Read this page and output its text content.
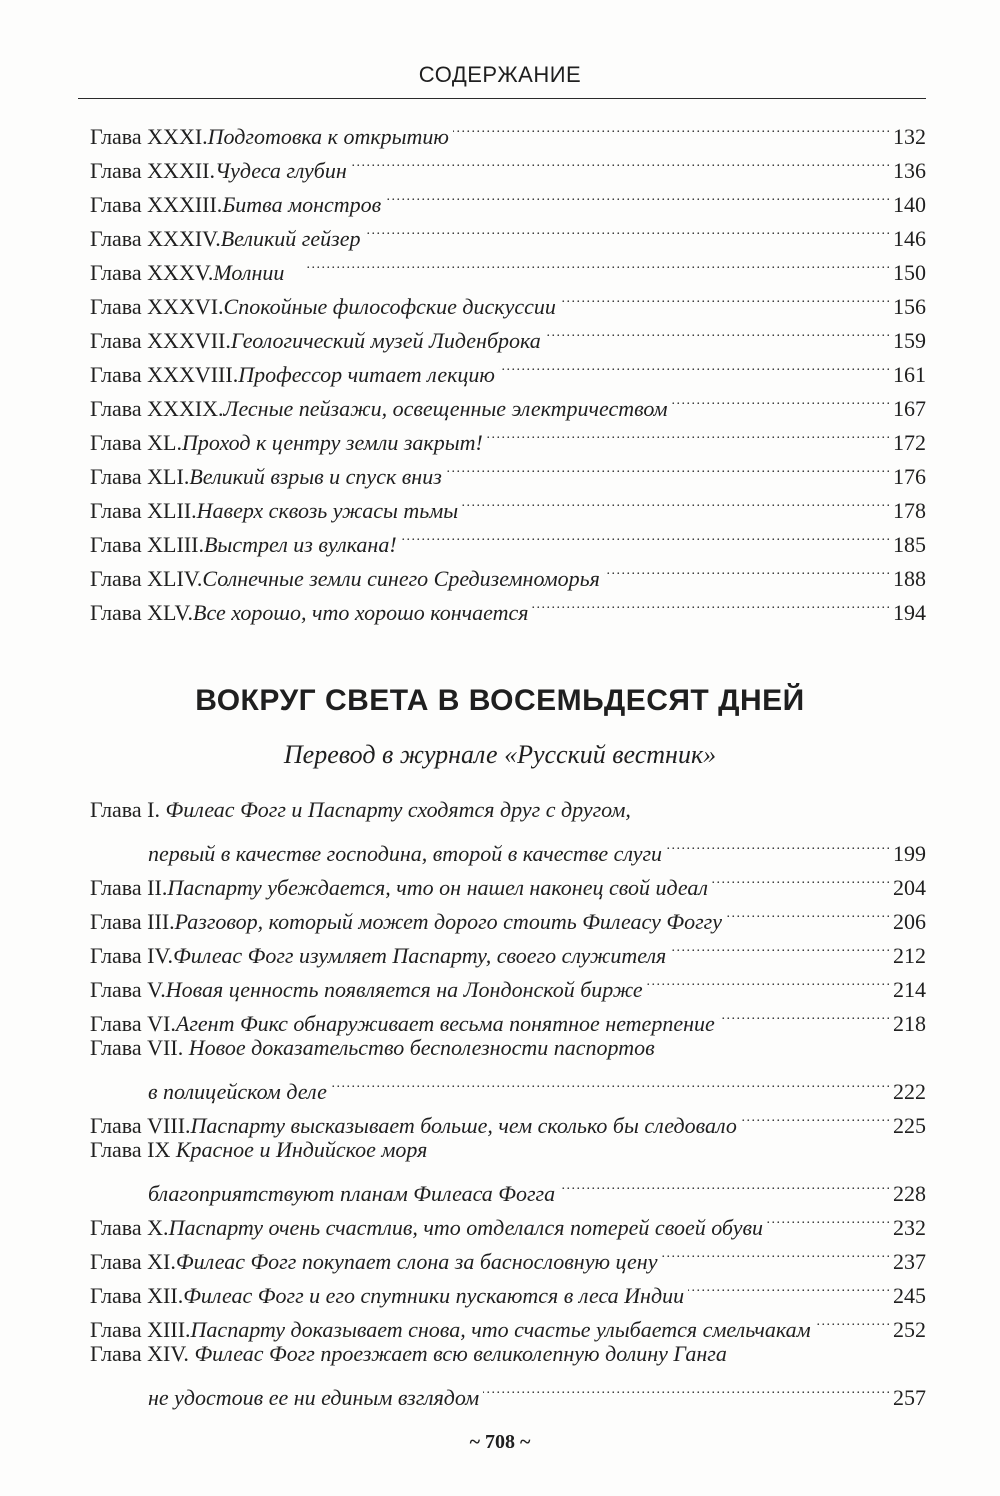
СОДЕРЖАНИЕ
Глава XXXI. Подготовка к открытию . . .	132
Глава XXXII. Чудеса глубин . . .	136
Глава XXXIII. Битва монстров . . .	140
Глава XXXIV. Великий гейзер . . .	146
Глава XXXV. Молнии . . .	150
Глава XXXVI. Спокойные философские дискуссии . . .	156
Глава XXXVII. Геологический музей Лиденброка . . .	159
Глава XXXVIII. Профессор читает лекцию . . .	161
Глава XXXIX. Лесные пейзажи, освещенные электричеством . . .	167
Глава XL. Проход к центру земли закрыт! . . .	172
Глава XLI. Великий взрыв и спуск вниз . . .	176
Глава XLII. Наверх сквозь ужасы тьмы . . .	178
Глава XLIII. Выстрел из вулкана! . . .	185
Глава XLIV. Солнечные земли синего Средиземноморья . . .	188
Глава XLV. Все хорошо, что хорошо кончается . . .	194
ВОКРУГ СВЕТА В ВОСЕМЬДЕСЯТ ДНЕЙ
Перевод в журнале «Русский вестник»
Глава I. Филеас Фогг и Паспарту сходятся друг с другом,
первый в качестве господина, второй в качестве слуги . . .	199
Глава II. Паспарту убеждается, что он нашел наконец свой идеал . . .	204
Глава III. Разговор, который может дорого стоить Филеасу Фоггу . . .	206
Глава IV. Филеас Фогг изумляет Паспарту, своего служителя . . .	212
Глава V. Новая ценность появляется на Лондонской бирже . . .	214
Глава VI. Агент Фикс обнаруживает весьма понятное нетерпение . . .	218
Глава VII. Новое доказательство бесполезности паспортов
в полицейском деле . . .	222
Глава VIII. Паспарту высказывает больше, чем сколько бы следовало . . .	225
Глава IX Красное и Индийское моря
благоприятствуют планам Филеаса Фогга . . .	228
Глава X. Паспарту очень счастлив, что отделался потерей своей обуви . . .	232
Глава XI. Филеас Фогг покупает слона за баснословную цену . . .	237
Глава XII. Филеас Фогг и его спутники пускаются в леса Индии . . .	245
Глава XIII. Паспарту доказывает снова, что счастье улыбается смельчакам . . .	252
Глава XIV. Филеас Фогг проезжает всю великолепную долину Ганга
не удостоив ее ни единым взглядом . . .	257
~ 708 ~
